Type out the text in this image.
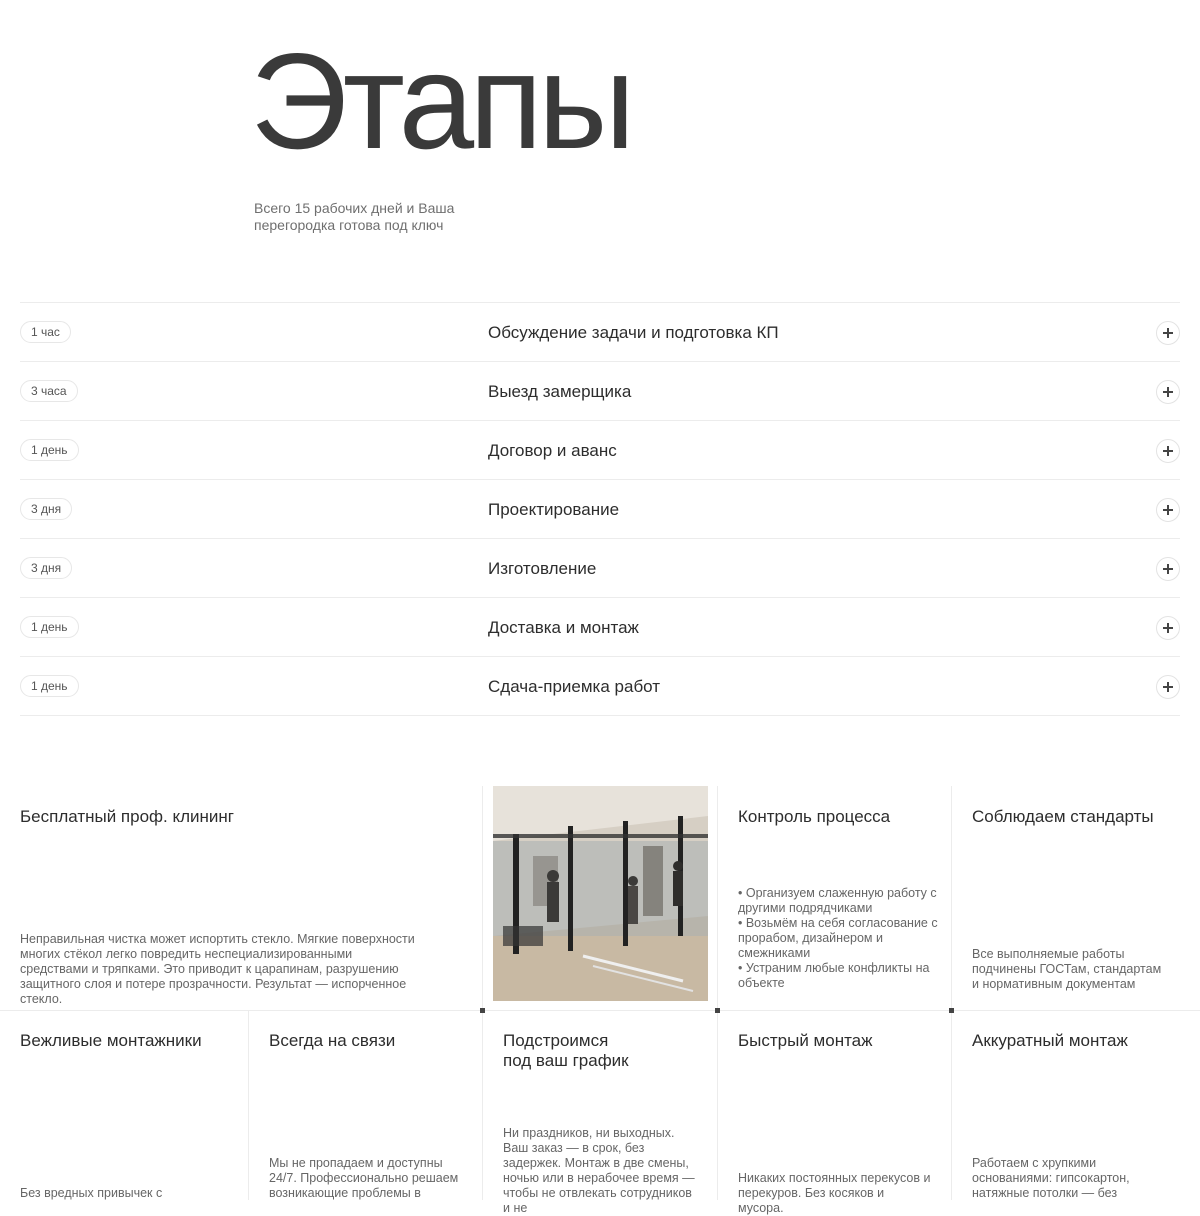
Этапы
Всего 15 рабочих дней и Ваша перегородка готова под ключ
1 час	Обсуждение задачи и подготовка КП
3 часа	Выезд замерщика
1 день	Договор и аванс
3 дня	Проектирование
3 дня	Изготовление
1 день	Доставка и монтаж
1 день	Сдача-приемка работ
Бесплатный проф. клининг
Неправильная чистка может испортить стекло. Мягкие поверхности многих стёкол легко повредить неспециализированными средствами и тряпками. Это приводит к царапинам, разрушению защитного слоя и потере прозрачности. Результат — испорченное стекло.
Контроль процесса
• Организуем слаженную работу с другими подрядчиками
• Возьмём на себя согласование с прорабом, дизайнером и смежниками
• Устраним любые конфликты на объекте
Соблюдаем стандарты
Все выполняемые работы подчинены ГОСТам, стандартам и нормативным документам
Вежливые монтажники
Без вредных привычек с
Всегда на связи
Мы не пропадаем и доступны 24/7. Профессионально решаем возникающие проблемы в
Подстроимся
под ваш график
Ни праздников, ни выходных. Ваш заказ — в срок, без задержек. Монтаж в две смены, ночью или в нерабочее время — чтобы не отвлекать сотрудников и не
Быстрый монтаж
Никаких постоянных перекусов и перекуров. Без косяков и мусора.
Аккуратный монтаж
Работаем с хрупкими основаниями: гипсокартон, натяжные потолки — без
